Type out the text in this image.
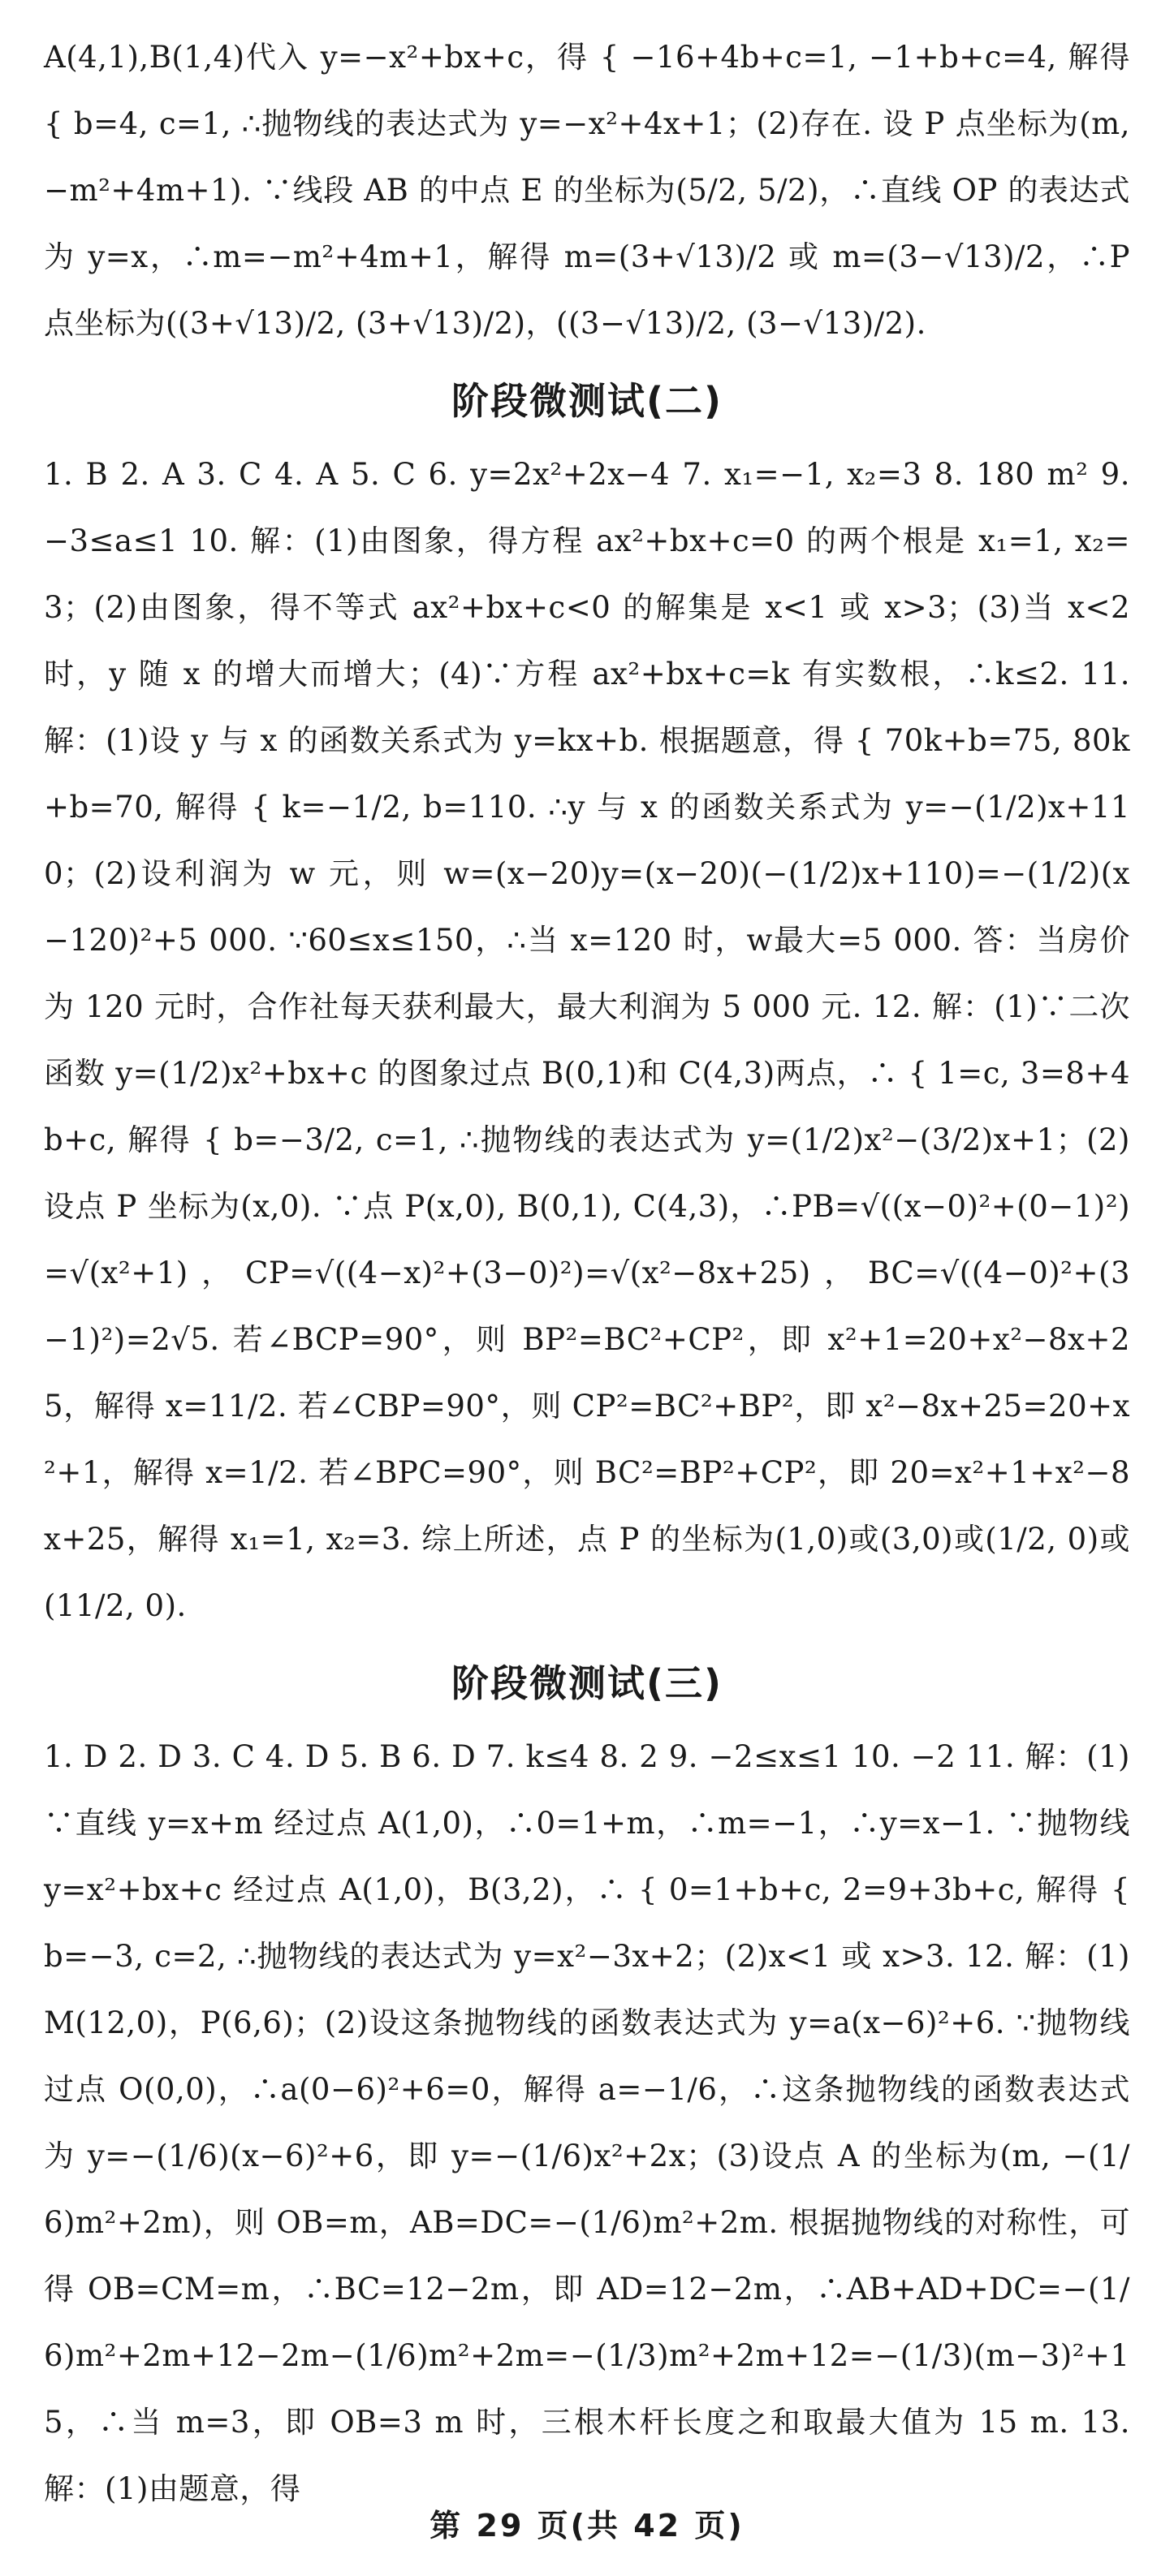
A(4,1),B(1,4)代入 y=−x²+bx+c，得 { −16+4b+c=1, −1+b+c=4, 解得 { b=4, c=1, ∴抛物线的表达式为 y=−x²+4x+1；(2)存在. 设 P 点坐标为(m, −m²+4m+1). ∵线段 AB 的中点 E 的坐标为(5/2, 5/2)，∴直线 OP 的表达式为 y=x，∴m=−m²+4m+1，解得 m=(3+√13)/2 或 m=(3−√13)/2，∴P 点坐标为((3+√13)/2, (3+√13)/2)，((3−√13)/2, (3−√13)/2).
阶段微测试(二)
1. B 2. A 3. C 4. A 5. C 6. y=2x²+2x−4 7. x₁=−1, x₂=3 8. 180 m² 9. −3≤a≤1 10. 解：(1)由图象，得方程 ax²+bx+c=0 的两个根是 x₁=1, x₂=3；(2)由图象，得不等式 ax²+bx+c<0 的解集是 x<1 或 x>3；(3)当 x<2 时，y 随 x 的增大而增大；(4)∵方程 ax²+bx+c=k 有实数根，∴k≤2. 11. 解：(1)设 y 与 x 的函数关系式为 y=kx+b. 根据题意，得 { 70k+b=75, 80k+b=70, 解得 { k=−1/2, b=110. ∴y 与 x 的函数关系式为 y=−(1/2)x+110；(2)设利润为 w 元，则 w=(x−20)y=(x−20)(−(1/2)x+110)=−(1/2)(x−120)²+5 000. ∵60≤x≤150，∴当 x=120 时，w最大=5 000. 答：当房价为 120 元时，合作社每天获利最大，最大利润为 5 000 元. 12. 解：(1)∵二次函数 y=(1/2)x²+bx+c 的图象过点 B(0,1)和 C(4,3)两点，∴ { 1=c, 3=8+4b+c, 解得 { b=−3/2, c=1, ∴抛物线的表达式为 y=(1/2)x²−(3/2)x+1；(2)设点 P 坐标为(x,0). ∵点 P(x,0), B(0,1), C(4,3)，∴PB=√((x−0)²+(0−1)²)=√(x²+1)，CP=√((4−x)²+(3−0)²)=√(x²−8x+25)，BC=√((4−0)²+(3−1)²)=2√5. 若∠BCP=90°，则 BP²=BC²+CP²，即 x²+1=20+x²−8x+25，解得 x=11/2. 若∠CBP=90°，则 CP²=BC²+BP²，即 x²−8x+25=20+x²+1，解得 x=1/2. 若∠BPC=90°，则 BC²=BP²+CP²，即 20=x²+1+x²−8x+25，解得 x₁=1, x₂=3. 综上所述，点 P 的坐标为(1,0)或(3,0)或(1/2, 0)或(11/2, 0).
阶段微测试(三)
1. D 2. D 3. C 4. D 5. B 6. D 7. k≤4 8. 2 9. −2≤x≤1 10. −2 11. 解：(1)∵直线 y=x+m 经过点 A(1,0)，∴0=1+m，∴m=−1，∴y=x−1. ∵抛物线 y=x²+bx+c 经过点 A(1,0)，B(3,2)，∴ { 0=1+b+c, 2=9+3b+c, 解得 { b=−3, c=2, ∴抛物线的表达式为 y=x²−3x+2；(2)x<1 或 x>3. 12. 解：(1)M(12,0)，P(6,6)；(2)设这条抛物线的函数表达式为 y=a(x−6)²+6. ∵抛物线过点 O(0,0)，∴a(0−6)²+6=0，解得 a=−1/6，∴这条抛物线的函数表达式为 y=−(1/6)(x−6)²+6，即 y=−(1/6)x²+2x；(3)设点 A 的坐标为(m, −(1/6)m²+2m)，则 OB=m，AB=DC=−(1/6)m²+2m. 根据抛物线的对称性，可得 OB=CM=m，∴BC=12−2m，即 AD=12−2m，∴AB+AD+DC=−(1/6)m²+2m+12−2m−(1/6)m²+2m=−(1/3)m²+2m+12=−(1/3)(m−3)²+15，∴当 m=3，即 OB=3 m 时，三根木杆长度之和取最大值为 15 m. 13. 解：(1)由题意，得
第 29 页(共 42 页)
